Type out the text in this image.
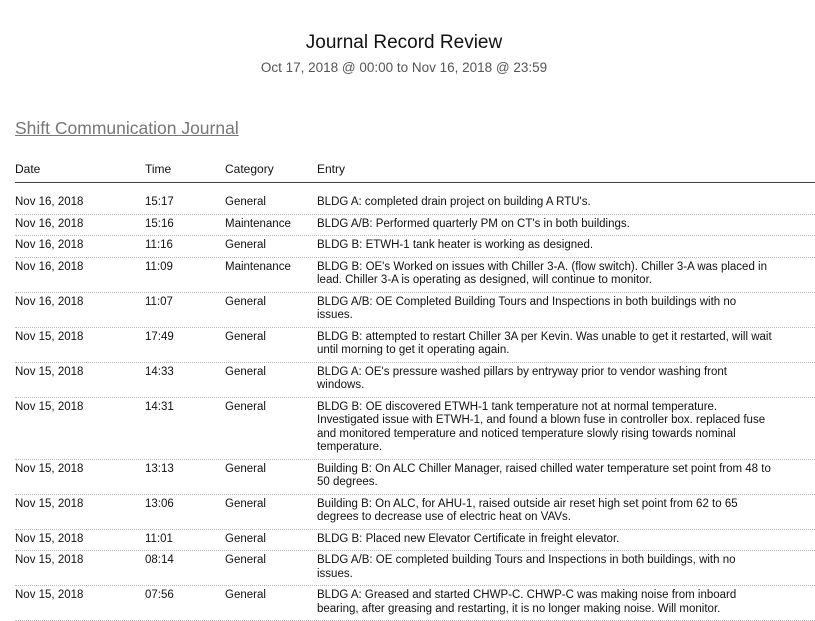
Journal Record Review
Oct 17, 2018 @ 00:00 to Nov 16, 2018 @ 23:59
Shift Communication Journal
Date	Time	Category	Entry
Nov 16, 2018	15:17	General	BLDG A: completed drain project on building A RTU's.
Nov 16, 2018	15:16	Maintenance	BLDG A/B: Performed quarterly PM on CT's in both buildings.
Nov 16, 2018	11:16	General	BLDG B: ETWH-1 tank heater is working as designed.
Nov 16, 2018	11:09	Maintenance	BLDG B: OE's Worked on issues with Chiller 3-A. (flow switch). Chiller 3-A was placed in lead. Chiller 3-A is operating as designed, will continue to monitor.
Nov 16, 2018	11:07	General	BLDG A/B: OE Completed Building Tours and Inspections in both buildings with no issues.
Nov 15, 2018	17:49	General	BLDG B: attempted to restart Chiller 3A per Kevin. Was unable to get it restarted, will wait until morning to get it operating again.
Nov 15, 2018	14:33	General	BLDG A: OE's pressure washed pillars by entryway prior to vendor washing front windows.
Nov 15, 2018	14:31	General	BLDG B: OE discovered ETWH-1 tank temperature not at normal temperature. Investigated issue with ETWH-1, and found a blown fuse in controller box. replaced fuse and monitored temperature and noticed temperature slowly rising towards nominal temperature.
Nov 15, 2018	13:13	General	Building B: On ALC Chiller Manager, raised chilled water temperature set point from 48 to 50 degrees.
Nov 15, 2018	13:06	General	Building B: On ALC, for AHU-1, raised outside air reset high set point from 62 to 65 degrees to decrease use of electric heat on VAVs.
Nov 15, 2018	11:01	General	BLDG B: Placed new Elevator Certificate in freight elevator.
Nov 15, 2018	08:14	General	BLDG A/B: OE completed building Tours and Inspections in both buildings, with no issues.
Nov 15, 2018	07:56	General	BLDG A: Greased and started CHWP-C. CHWP-C was making noise from inboard bearing, after greasing and restarting, it is no longer making noise. Will monitor.
